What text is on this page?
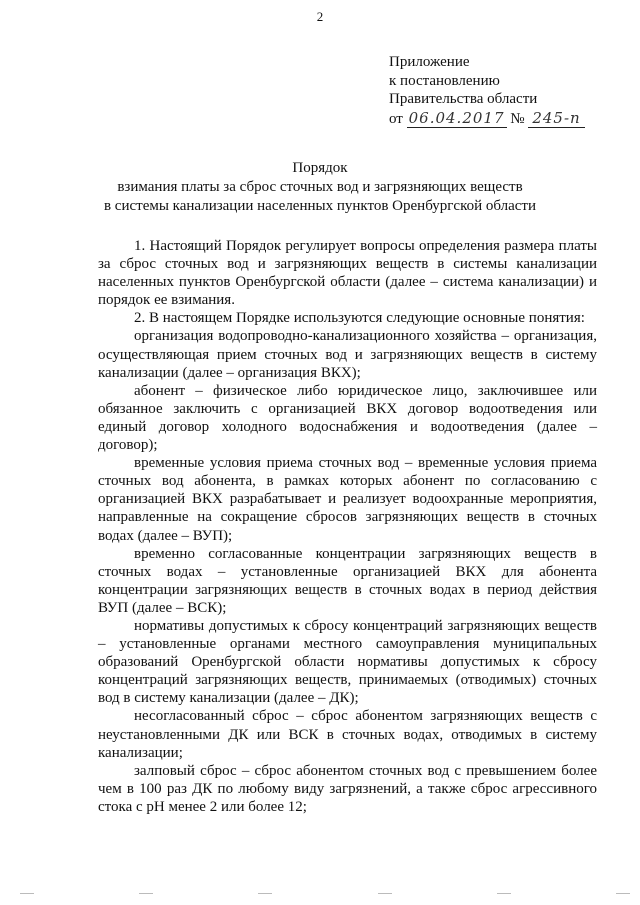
2
Приложение
к постановлению
Правительства области
от 06.04.2017 № 245-п
Порядок
взимания платы за сброс сточных вод и загрязняющих веществ
в системы канализации населенных пунктов Оренбургской области

1. Настоящий Порядок регулирует вопросы определения размера платы за сброс сточных вод и загрязняющих веществ в системы канализации населенных пунктов Оренбургской области (далее – система канализации) и порядок ее взимания.

2. В настоящем Порядке используются следующие основные понятия:

организация водопроводно-канализационного хозяйства – организация, осуществляющая прием сточных вод и загрязняющих веществ в систему канализации (далее – организация ВКХ);

абонент – физическое либо юридическое лицо, заключившее или обязанное заключить с организацией ВКХ договор водоотведения или единый договор холодного водоснабжения и водоотведения (далее – договор);

временные условия приема сточных вод – временные условия приема сточных вод абонента, в рамках которых абонент по согласованию с организацией ВКХ разрабатывает и реализует водоохранные мероприятия, направленные на сокращение сбросов загрязняющих веществ в сточных водах (далее – ВУП);

временно согласованные концентрации загрязняющих веществ в сточных водах – установленные организацией ВКХ для абонента концентрации загрязняющих веществ в сточных водах в период действия ВУП (далее – ВСК);

нормативы допустимых к сбросу концентраций загрязняющих веществ – установленные органами местного самоуправления муниципальных образований Оренбургской области нормативы допустимых к сбросу концентраций загрязняющих веществ, принимаемых (отводимых) сточных вод в систему канализации (далее – ДК);

несогласованный сброс – сброс абонентом загрязняющих веществ с неустановленными ДК или ВСК в сточных водах, отводимых в систему канализации;

залповый сброс – сброс абонентом сточных вод с превышением более чем в 100 раз ДК по любому виду загрязнений, а также сброс агрессивного стока с pH менее 2 или более 12;
